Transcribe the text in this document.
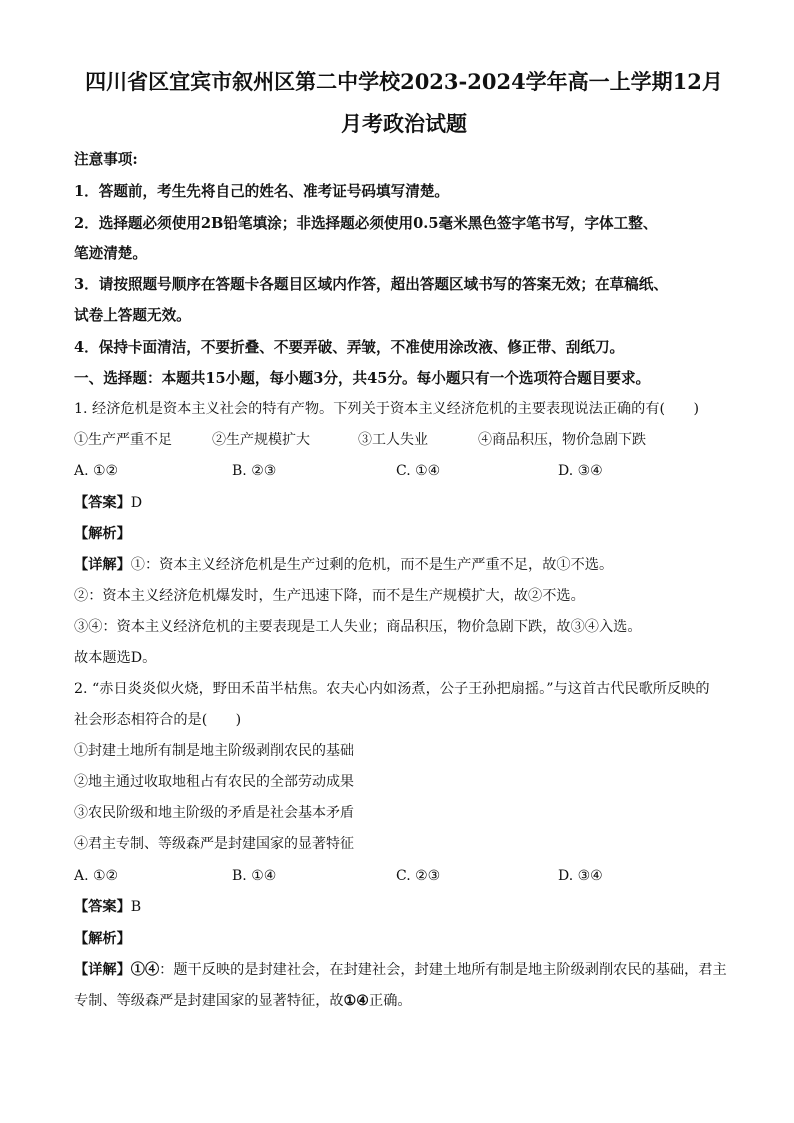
四川省区宜宾市叙州区第二中学校2023-2024学年高一上学期12月
月考政治试题
注意事项:
1．答题前，考生先将自己的姓名、准考证号码填写清楚。
2．选择题必须使用2B铅笔填涂；非选择题必须使用0.5毫米黑色签字笔书写，字体工整、
笔迹清楚。
3．请按照题号顺序在答题卡各题目区域内作答，超出答题区域书写的答案无效；在草稿纸、
试卷上答题无效。
4．保持卡面清洁，不要折叠、不要弄破、弄皱，不准使用涂改液、修正带、刮纸刀。
一、选择题：本题共15小题，每小题3分，共45分。每小题只有一个选项符合题目要求。
1. 经济危机是资本主义社会的特有产物。下列关于资本主义经济危机的主要表现说法正确的有(　　)
①生产严重不足	②生产规模扩大	③工人失业	④商品积压，物价急剧下跌
A. ①②	B. ②③	C. ①④	D. ③④
【答案】D
【解析】
【详解】①：资本主义经济危机是生产过剩的危机，而不是生产严重不足，故①不选。
②：资本主义经济危机爆发时，生产迅速下降，而不是生产规模扩大，故②不选。
③④：资本主义经济危机的主要表现是工人失业；商品积压，物价急剧下跌，故③④入选。
故本题选D。
2. “赤日炎炎似火烧，野田禾苗半枯焦。农夫心内如汤煮，公子王孙把扇摇。”与这首古代民歌所反映的
社会形态相符合的是(　　)
①封建土地所有制是地主阶级剥削农民的基础
②地主通过收取地租占有农民的全部劳动成果
③农民阶级和地主阶级的矛盾是社会基本矛盾
④君主专制、等级森严是封建国家的显著特征
A. ①②	B. ①④	C. ②③	D. ③④
【答案】B
【解析】
【详解】①④：题干反映的是封建社会，在封建社会，封建土地所有制是地主阶级剥削农民的基础，君主
专制、等级森严是封建国家的显著特征，故①④正确。
